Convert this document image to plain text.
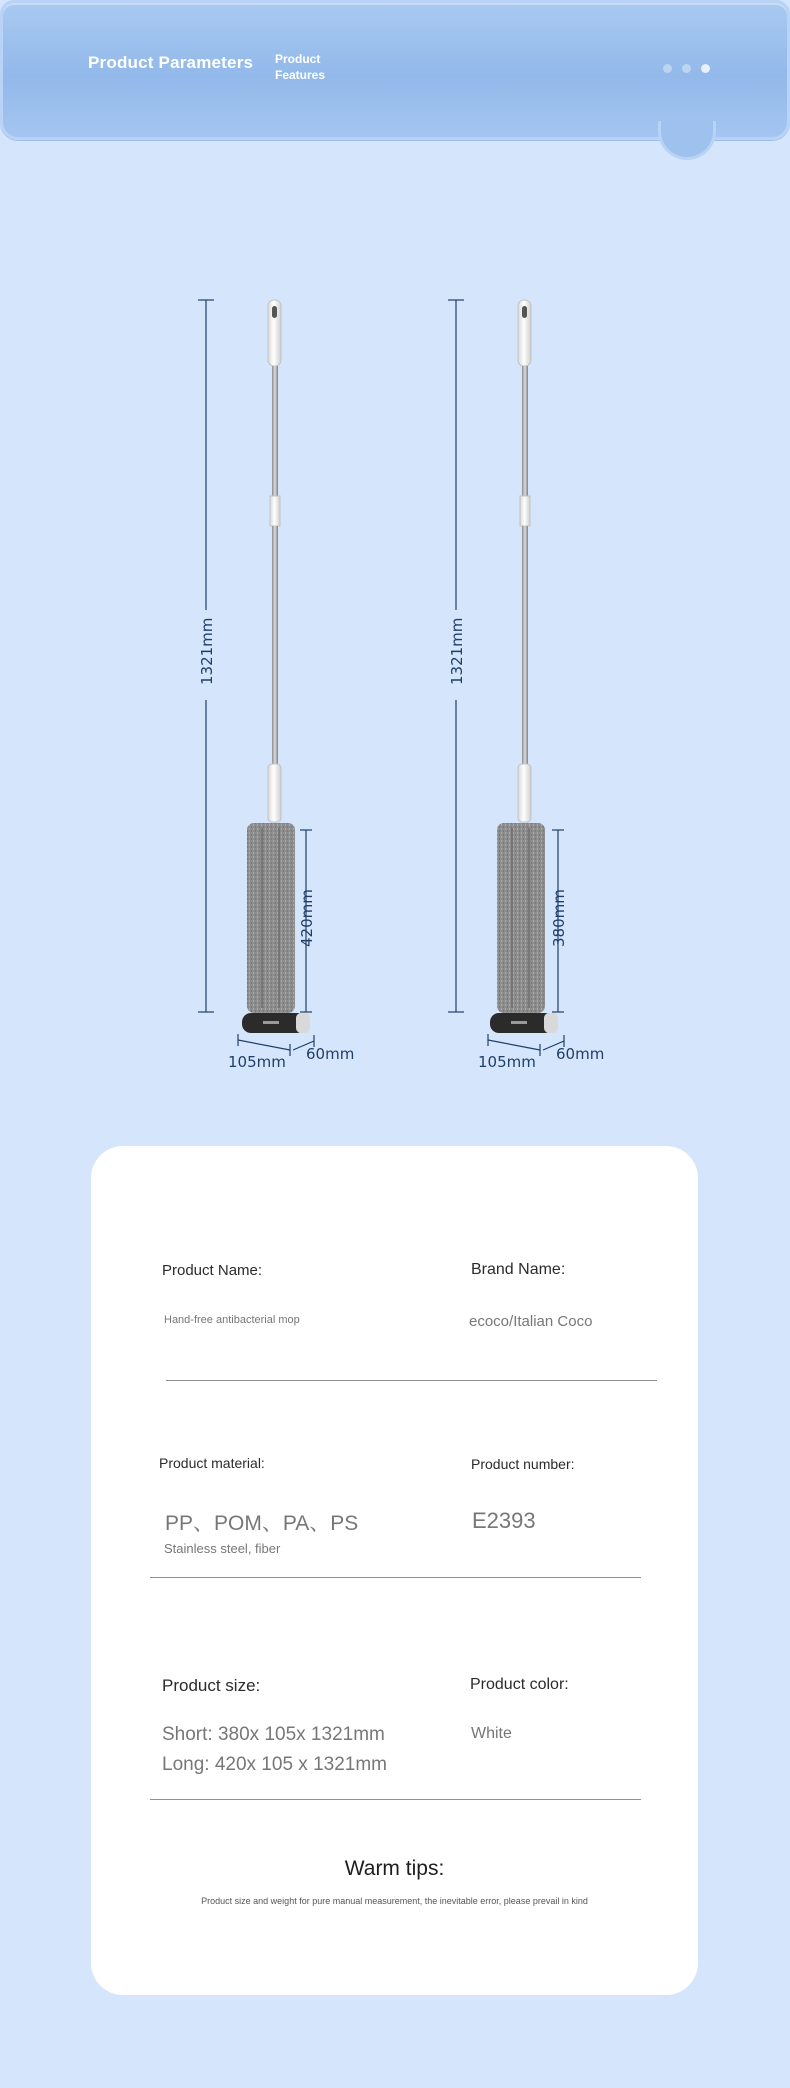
Product Parameters Product Features
1321mm
420mm
105mm 60mm
1321mm
380mm
105mm 60mm
Product Name:
Hand-free antibacterial mop
Brand Name:
ecoco/Italian Coco
Product material:
PP、POM、PA、PS
Stainless steel, fiber
Product number:
E2393
Product size:
Short: 380x 105x 1321mm
Long: 420x 105 x 1321mm
Product color:
White
Warm tips:
Product size and weight for pure manual measurement, the inevitable error, please prevail in kind
